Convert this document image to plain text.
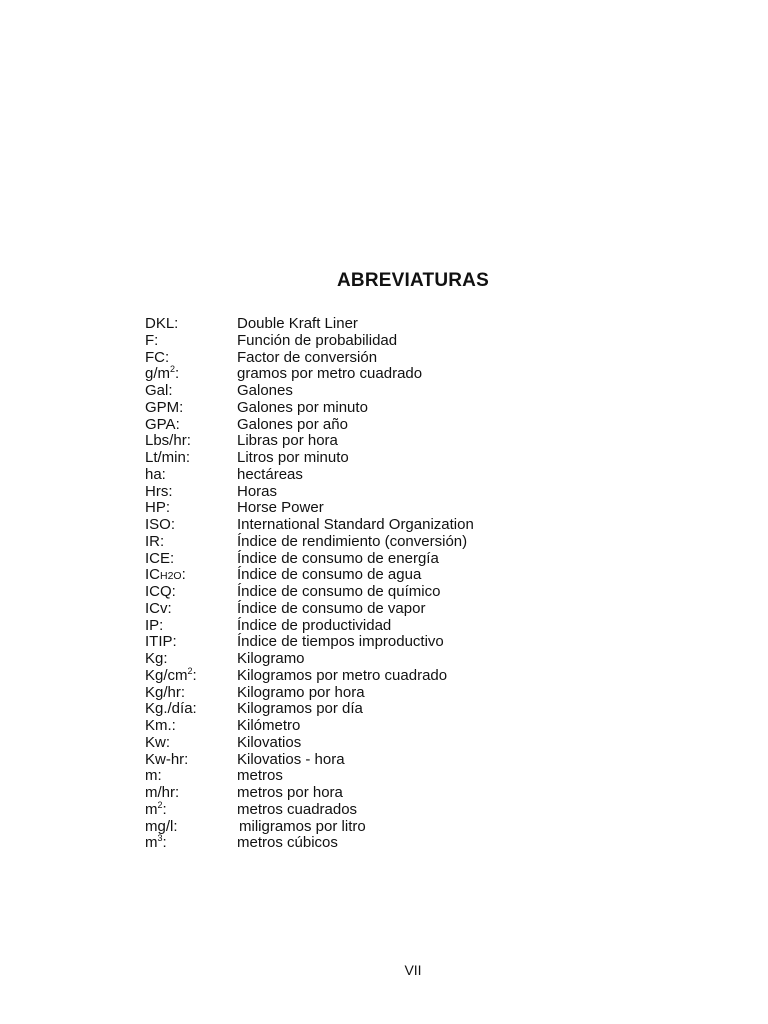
ABREVIATURAS
DKL:	Double Kraft Liner
F:	Función de probabilidad
FC:	Factor de conversión
$g/m^2$:	gramos por metro cuadrado
Gal:	Galones
GPM:	Galones por minuto
GPA:	Galones por año
Lbs/hr:	Libras por hora
Lt/min:	Litros por minuto
ha:	hectáreas
Hrs:	Horas
HP:	Horse Power
ISO:	International Standard Organization
IR:	Índice de rendimiento (conversión)
ICE:	Índice de consumo de energía
ICH2O:	Índice de consumo de agua
ICQ:	Índice de consumo de químico
ICv:	Índice de consumo de vapor
IP:	Índice de productividad
ITIP:	Índice de tiempos improductivo
Kg:	Kilogramo
$Kg/cm^2$:	Kilogramos por metro cuadrado
Kg/hr:	Kilogramo por hora
Kg./día:	Kilogramos por día
Km.:	Kilómetro
Kw:	Kilovatios
Kw-hr:	Kilovatios - hora
m:	metros
m/hr:	metros por hora
$m^2$:	metros cuadrados
mg/l:	miligramos por litro
$m^3$:	metros cúbicos
VII
